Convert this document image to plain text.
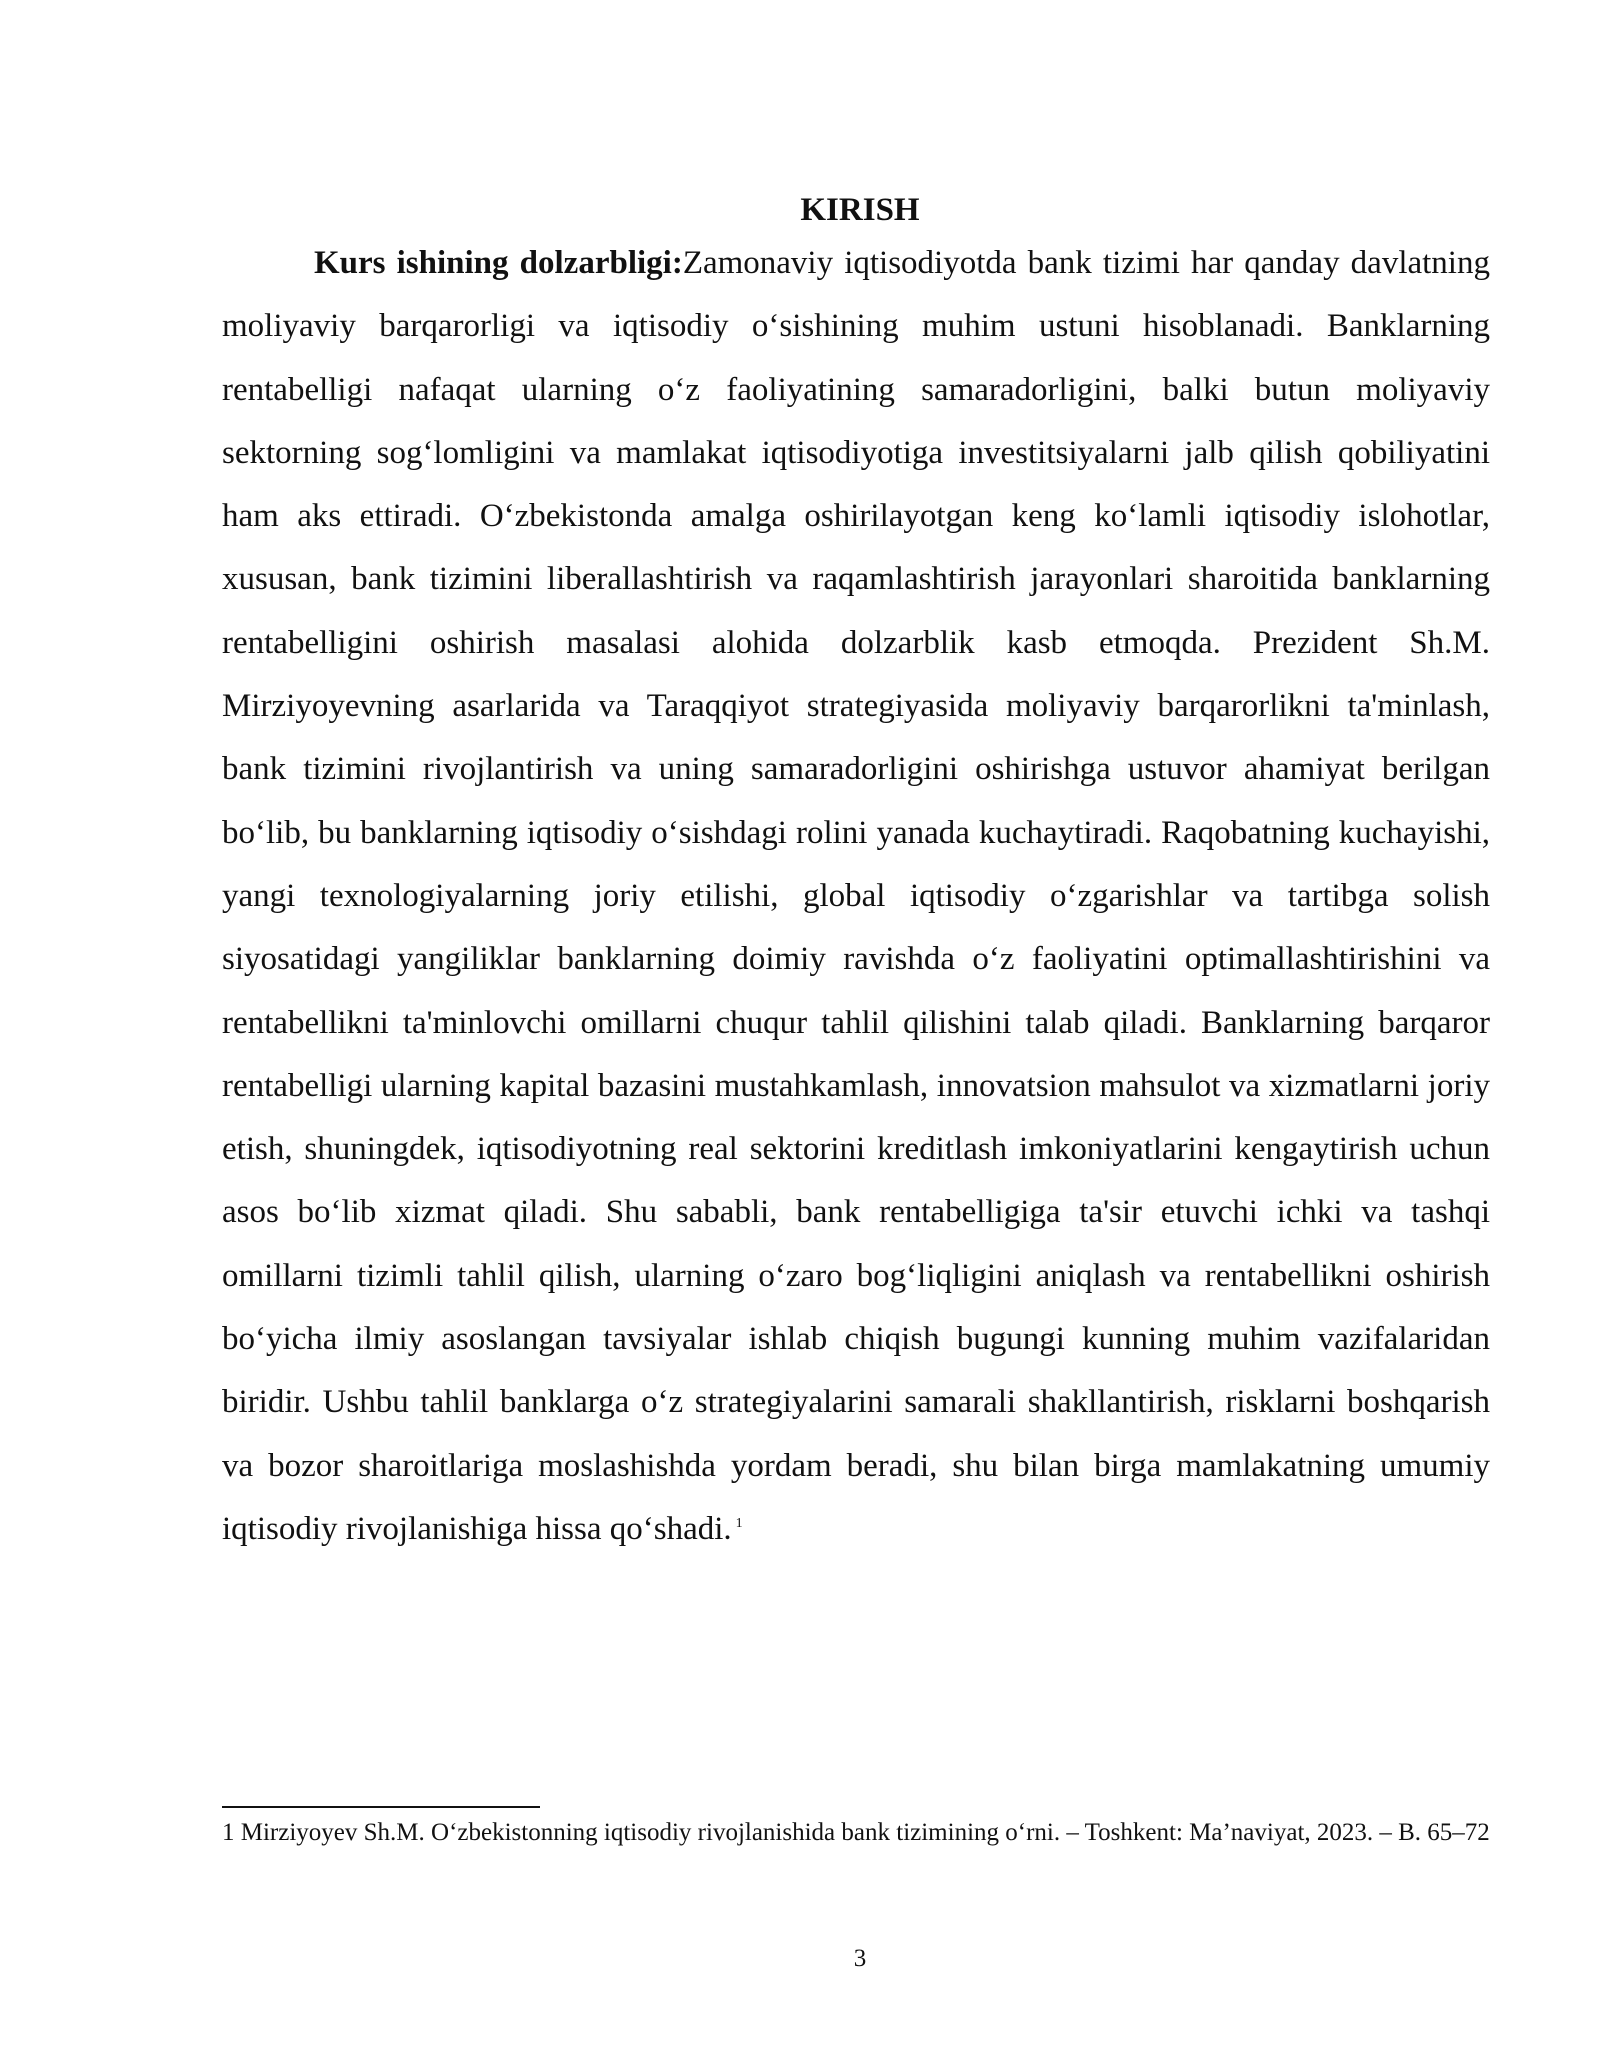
KIRISH

Kurs ishining dolzarbligi:Zamonaviy iqtisodiyotda bank tizimi har qanday davlatning moliyaviy barqarorligi va iqtisodiy o‘sishining muhim ustuni hisoblanadi. Banklarning rentabelligi nafaqat ularning o‘z faoliyatining samaradorligini, balki butun moliyaviy sektorning sog‘lomligini va mamlakat iqtisodiyotiga investitsiyalarni jalb qilish qobiliyatini ham aks ettiradi. O‘zbekistonda amalga oshirilayotgan keng ko‘lamli iqtisodiy islohotlar, xususan, bank tizimini liberallashtirish va raqamlashtirish jarayonlari sharoitida banklarning rentabelligini oshirish masalasi alohida dolzarblik kasb etmoqda. Prezident Sh.M. Mirziyoyevning asarlarida va Taraqqiyot strategiyasida moliyaviy barqarorlikni ta'minlash, bank tizimini rivojlantirish va uning samaradorligini oshirishga ustuvor ahamiyat berilgan bo‘lib, bu banklarning iqtisodiy o‘sishdagi rolini yanada kuchaytiradi. Raqobatning kuchayishi, yangi texnologiyalarning joriy etilishi, global iqtisodiy o‘zgarishlar va tartibga solish siyosatidagi yangiliklar banklarning doimiy ravishda o‘z faoliyatini optimallashtirishini va rentabellikni ta'minlovchi omillarni chuqur tahlil qilishini talab qiladi. Banklarning barqaror rentabelligi ularning kapital bazasini mustahkamlash, innovatsion mahsulot va xizmatlarni joriy etish, shuningdek, iqtisodiyotning real sektorini kreditlash imkoniyatlarini kengaytirish uchun asos bo‘lib xizmat qiladi. Shu sababli, bank rentabelligiga ta'sir etuvchi ichki va tashqi omillarni tizimli tahlil qilish, ularning o‘zaro bog‘liqligini aniqlash va rentabellikni oshirish bo‘yicha ilmiy asoslangan tavsiyalar ishlab chiqish bugungi kunning muhim vazifalaridan biridir. Ushbu tahlil banklarga o‘z strategiyalarini samarali shakllantirish, risklarni boshqarish va bozor sharoitlariga moslashishda yordam beradi, shu bilan birga mamlakatning umumiy iqtisodiy rivojlanishiga hissa qo‘shadi. $^1$

1 Mirziyoyev Sh.M. O‘zbekistonning iqtisodiy rivojlanishida bank tizimining o‘rni. – Toshkent: Ma’naviyat, 2023. – B. 65–72

3
